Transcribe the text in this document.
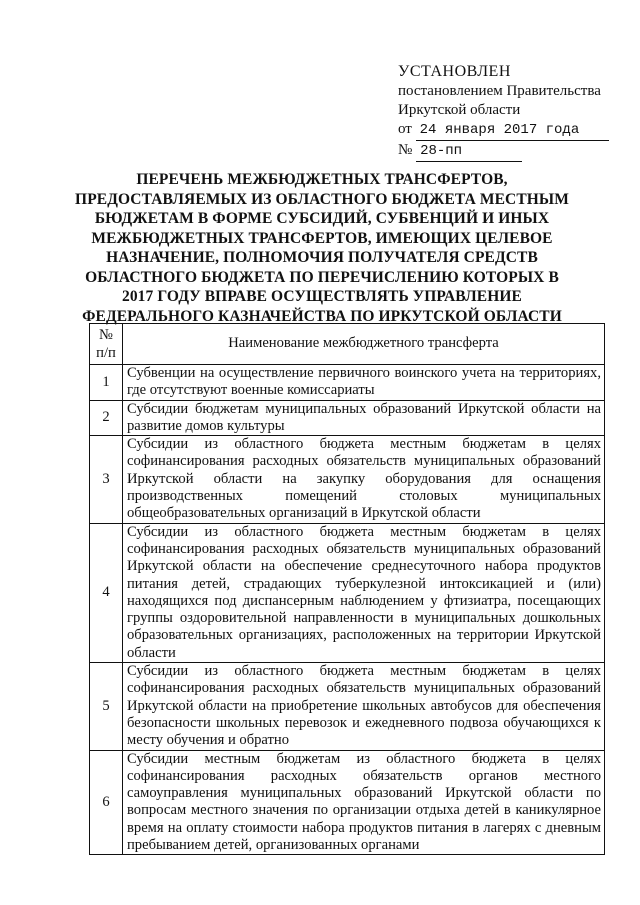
УСТАНОВЛЕН
постановлением Правительства
Иркутской области
от 24 января 2017 года
№ 28-пп
ПЕРЕЧЕНЬ МЕЖБЮДЖЕТНЫХ ТРАНСФЕРТОВ, ПРЕДОСТАВЛЯЕМЫХ ИЗ ОБЛАСТНОГО БЮДЖЕТА МЕСТНЫМ БЮДЖЕТАМ В ФОРМЕ СУБСИДИЙ, СУБВЕНЦИЙ И ИНЫХ МЕЖБЮДЖЕТНЫХ ТРАНСФЕРТОВ, ИМЕЮЩИХ ЦЕЛЕВОЕ НАЗНАЧЕНИЕ, ПОЛНОМОЧИЯ ПОЛУЧАТЕЛЯ СРЕДСТВ ОБЛАСТНОГО БЮДЖЕТА ПО ПЕРЕЧИСЛЕНИЮ КОТОРЫХ В 2017 ГОДУ ВПРАВЕ ОСУЩЕСТВЛЯТЬ УПРАВЛЕНИЕ ФЕДЕРАЛЬНОГО КАЗНАЧЕЙСТВА ПО ИРКУТСКОЙ ОБЛАСТИ
№
п/п	Наименование межбюджетного трансферта
1	Субвенции на осуществление первичного воинского учета на территориях, где отсутствуют военные комиссариаты
2	Субсидии бюджетам муниципальных образований Иркутской области на развитие домов культуры
3	Субсидии из областного бюджета местным бюджетам в целях софинансирования расходных обязательств муниципальных образований Иркутской области на закупку оборудования для оснащения производственных помещений столовых муниципальных общеобразовательных организаций в Иркутской области
4	Субсидии из областного бюджета местным бюджетам в целях софинансирования расходных обязательств муниципальных образований Иркутской области на обеспечение среднесуточного набора продуктов питания детей, страдающих туберкулезной интоксикацией и (или) находящихся под диспансерным наблюдением у фтизиатра, посещающих группы оздоровительной направленности в муниципальных дошкольных образовательных организациях, расположенных на территории Иркутской области
5	Субсидии из областного бюджета местным бюджетам в целях софинансирования расходных обязательств муниципальных образований Иркутской области на приобретение школьных автобусов для обеспечения безопасности школьных перевозок и ежедневного подвоза обучающихся к месту обучения и обратно
6	Субсидии местным бюджетам из областного бюджета в целях софинансирования расходных обязательств органов местного самоуправления муниципальных образований Иркутской области по вопросам местного значения по организации отдыха детей в каникулярное время на оплату стоимости набора продуктов питания в лагерях с дневным пребыванием детей, организованных органами
